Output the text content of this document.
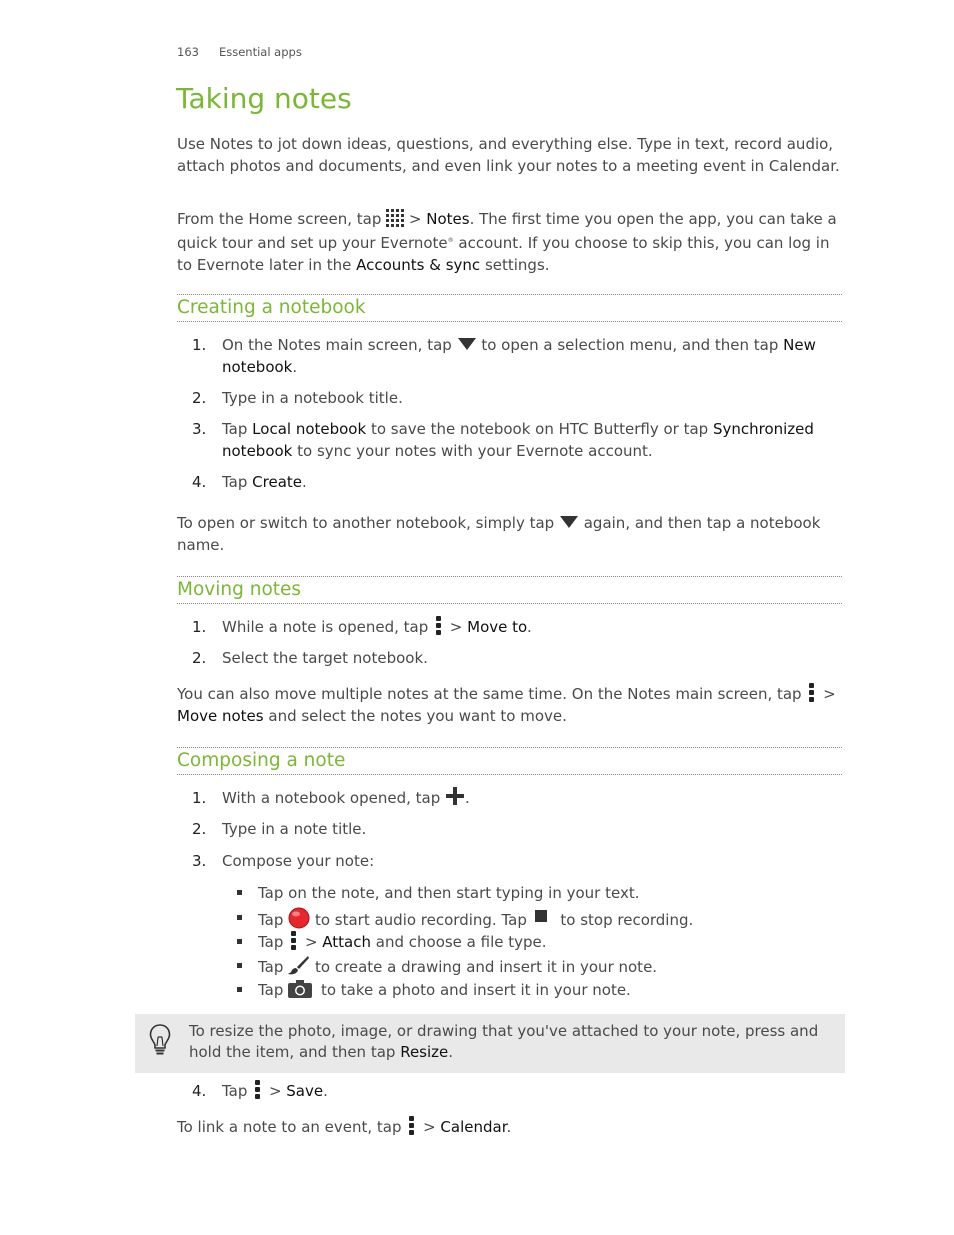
163 Essential apps
Taking notes
Use Notes to jot down ideas, questions, and everything else. Type in text, record audio, attach photos and documents, and even link your notes to a meeting event in Calendar.
From the Home screen, tap  > Notes. The first time you open the app, you can take a quick tour and set up your Evernote® account. If you choose to skip this, you can log in to Evernote later in the Accounts & sync settings.
Creating a notebook
1.	On the Notes main screen, tap  to open a selection menu, and then tap New notebook.
2.	Type in a notebook title.
3.	Tap Local notebook to save the notebook on HTC Butterfly or tap Synchronized notebook to sync your notes with your Evernote account.
4.	Tap Create.
To open or switch to another notebook, simply tap  again, and then tap a notebook name.
Moving notes
1.	While a note is opened, tap
> Move to.
2.	Select the target notebook.
You can also move multiple notes at the same time. On the Notes main screen, tap
> Move notes and select the notes you want to move.
Composing a note
1.	With a notebook opened, tap .
2.	Type in a note title.
3.	Compose your note:
Tap on the note, and then start typing in your text.
Tap  to start audio recording. Tap  to stop recording.
Tap
> Attach and choose a file type.
Tap  to create a drawing and insert it in your note.
Tap  to take a photo and insert it in your note.
To resize the photo, image, or drawing that you've attached to your note, press and hold the item, and then tap Resize.
4.	Tap
> Save.
To link a note to an event, tap
> Calendar.
